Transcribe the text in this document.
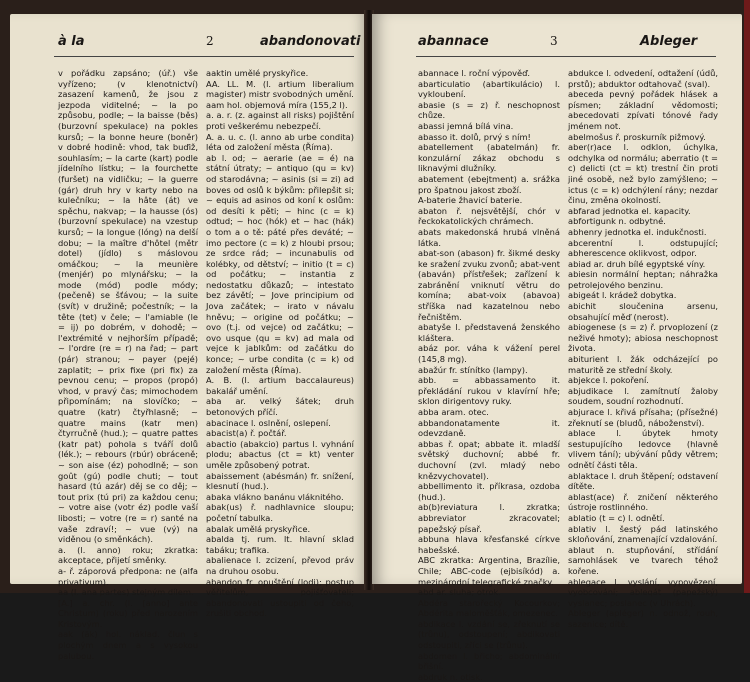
à la	2	abandonovati

v pořádku zapsáno; (úř.) vše vyřízeno; (v klenotnictví) zasazení kamenů, že jsou z jezpoda viditelné; ~ la po způsobu, podle; ~ la baisse (běs) (burzovní spekulace) na pokles kursů; ~ la bonne heure (boněr) v dobré hodině: vhod, tak buďiž, souhlasím; ~ la carte (kart) podle jídelního lístku; ~ la fourchette (furšet) na vidličku; ~ la guerre (gár) druh hry v karty nebo na kulečníku; ~ la hâte (át) ve spěchu, nakvap; ~ la hausse (ós) (burzovní spekulace) na vzestup kursů; ~ la longue (lóng) na delší dobu; ~ la maître d'hôtel (mětr dotel) (jídlo) s máslovou omáčkou; ~ la meunière (menjér) po mlynářsku; ~ la mode (mód) podle módy; (pečeně) se šťávou; ~ la suite (svít) v družině; počestník; ~ la tête (tet) v čele; ~ l'amiable (le = ij) po dobrém, v dohodě; ~ l'extrémité v nejhorším případě; ~ l'ordre (re = r) na řad; ~ part (pár) stranou; ~ payer (pejé) zaplatit; ~ prix fixe (pri fix) za pevnou cenu; ~ propos (propó) vhod, v pravý čas; mimochodem připomínám; na slovíčko; ~ quatre (katr) čtyřhlasně; ~ quatre mains (katr men) čtyrručně (hud.); ~ quatre pattes (katr pat) pohola s tváří dolů (lék.); ~ rebours (rbúr) obráceně; ~ son aise (éz) pohodlně; ~ son goût (gú) podle chuti; ~ tout hasard (tú azár) děj se co děj; ~ tout prix (tú pri) za každou cenu; ~ votre aise (votr éz) podle vaší libosti; ~ votre (re = r) santé na vaše zdraví!; ~ vue (vý) na viděnou (o směnkách).

a. (l. anno) roku; zkratka: akceptace, přijetí směnky.

a- ř. záporová předpona: ne (alfa privativum).

aa (l. ana partes) stejným dílem.

[A.] a. chr. (l. [anno] ante Christum) (roku) před narozením Kristovým.

aak (äk) hol. náklad. člun s plochým dnem a s vysokou palubou.

aaktin umělé pryskyřice.

AA. LL. M. (l. artium liberalium magister) mistr svobodných umění.

aam hol. objemová míra (155,2 l).

a. a. r. (z. against all risks) pojištění proti veškerému nebezpečí.

A. a. u. c. (l. anno ab urbe condita) léta od založení města (Říma).

ab l. od; ~ aerarie (ae = é) na státní útraty; ~ antiquo (qu = kv) od starodávna; ~ asinis (si = zi) ad boves od oslů k býkům: přilepšit si; ~ equis ad asinos od koní k oslům: od desíti k pěti; ~ hinc (c = k) odtud; ~ hoc (hók) et ~ hac (hák) o tom a o tě: páté přes deváté; ~ imo pectore (c = k) z hloubi prsou; ze srdce rád; ~ incunabulis od kolébky, od dětství; ~ initio (t = c) od počátku; ~ instantia z nedostatku důkazů; ~ intestato bez závětí; ~ Jove principium od Jova začátek; ~ irato v návalu hněvu; ~ origine od počátku; ~ ovo (t.j. od vejce) od začátku; ~ ovo usque (qu = kv) ad mala od vejce k jablkům: od začátku do konce; ~ urbe condita (c = k) od založení města (Říma).

A. B. (l. artium baccalaureus) bakalář umění.

aba ar. velký šátek; druh betonových příčí.

abacinace l. oslnění, oslepení.

abacist(a) ř. počtář.

abactio (abakcio) partus l. vyhnání plodu; abactus (ct = kt) venter uměle způsobený potrat.

abaissement (abésmán) fr. snížení, klesnutí (hud.).

abaka vláknо banánu vláknitého.

abak(us) ř. nadhlavnice sloupu; početní tabulka.

abalak umělá pryskyřice.

abalda tj. rum. lt. hlavní sklad tabáku; trafika.

abalienace l. zcizení, převod práv na druhou osobu.

abandon fr. opuštění (lodi); postup věřitelům, pojišťovateli; abandonovati ustoupiti od čeho, zrušiti obchod.

abannace	3	Ableger

abannace l. roční výpověď.

abarticulatio (abartikulácio) l. vykloubení.

abasie (s = z) ř. neschopnost chůze.

abassi jemná bílá vina.

abasso it. dolů, prvý s ním!

abatellement (abatelmán) fr. konzulární zákaz obchodu s liknavými dlužníky.

abatement (ebejtment) a. srážka pro špatnou jakost zboží.

A-baterie žhavicí baterie.

abaton ř. nejsvětější, chór v řeckokatolických chrámech.

abats makedonská hrubá vlněná látka.

abat-son (abason) fr. šikmé desky ke sražení zvuku zvonů; abat-vent (abaván) přístřešek; zařízení k zabránění vniknutí větru do komína; abat-voix (abavoa) stříška nad kazatelnou nebo řečništěm.

abatyše l. představená ženského kláštera.

abáz por. váha k vážení perel (145,8 mg).

abažúr fr. stínítko (lampy).

abb. = abbassamento it. překládání rukou v klavírní hře; sklon dirigentovy ruky.

abba aram. otec.

abbandonatamente it. odevzdaně.

abbas ř. opat; abbate it. mladší světský duchovní; abbé fr. duchovní (zvl. mladý nebo knězvychovatel).

abbellimento it. příkrasa, ozdoba (hud.).

ab(b)reviatura l. zkratka; abbreviator zkracovatel; papežský písař.

abbuna hlava křesťanské církve habešské.

ABC zkratka: Argentina, Brazílie, Chile; ABC-code (ejbisíkód) a. mezinárodní telegrafické značky.

abd ar. sluha; otrok.

Abdéra starořecký Kocourkov; Abdérita maloměšťák, omezenec.

abdikace l. vzdání se, zřeknutí se (trůnu), odstoupení; abdikovati odstoupiti, zříci se (trůnu).

abdomen l. břicho; abdominální břišní.

abdruk n. otisk.

abdukce l. odvedení, odtažení (údů, prstů); abduktor odtahovač (sval).

abeceda pevný pořádek hlásek a písmen; základní vědomosti; abecedovati zpívati tónové řady jménem not.

abelmošus ř. proskurník pižmový.

aber(r)ace l. odklon, úchylka, odchylka od normálu; aberratio (t = c) delicti (ct = kt) trestní čin proti jiné osobě, než bylo zamýšleno; ~ ictus (c = k) odchýlení rány; nezdar činu, změna okolností.

abfarad jednotka el. kapacity.

abfortigunk n. odbytné.

abhenry jednotka el. indukčnosti.

abcerentní l. odstupující; abherescence oklikvost, odpor.

abiad ar. druh bílé egyptské víny.

abiesin normální heptan; náhražka petrolejového benzinu.

abigeát l. krádež dobytka.

abichit sloučenina arsenu, obsahující měď (nerost).

abiogenese (s = z) ř. prvoplození (z neživé hmoty); abiosa neschopnost života.

abiturient l. žák odcházející po maturitě ze střední školy.

abjekce l. pokoření.

abjudikace l. zamítnutí žaloby soudem, soudní rozhodnutí.

abjurace l. křivá přísaha; (přísežné) zřeknutí se (bludů, náboženství).

ablace l. úbytek hmoty sestupujícího ledovce (hlavně vlivem tání); ubývání půdy větrem; odnětí části těla.

ablaktace l. druh štěpení; odstavení dítěte.

ablast(ace) ř. zničení některého ústroje rostlinného.

ablatio (t = c) l. odnětí.

ablativ l. šestý pád latinského skloňování, znamenající vzdalování.

ablaut n. stupňování, střídání samohlásek ve tvarech téhož kořene.

ablegace l. vyslání, vypovězení, vyobcování; ableqát (papežský) vyslanec; poslanec (v Uhrách).

Ableger (apléger) n. odnož, rouh, sazenice; dítě.
